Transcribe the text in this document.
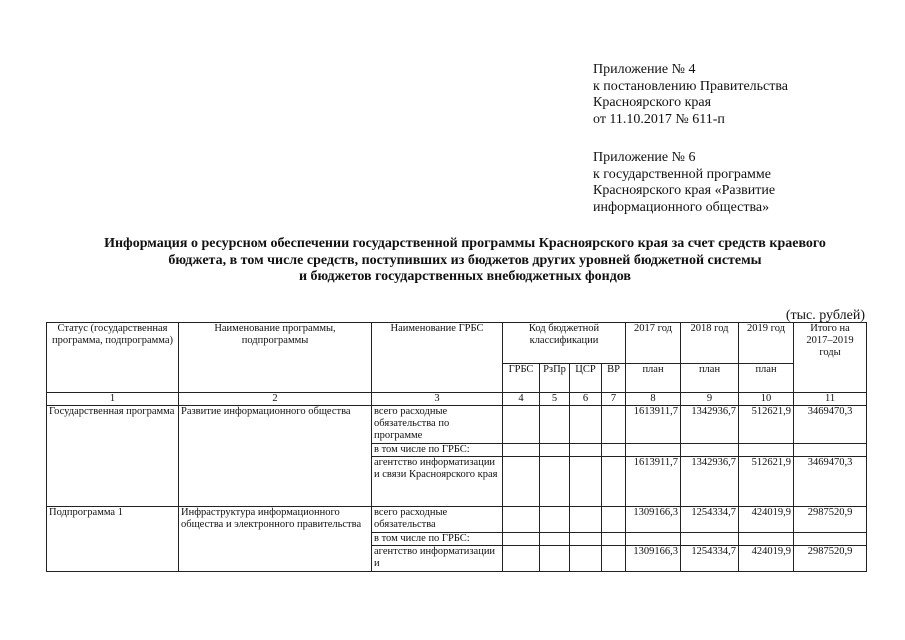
Приложение № 4
к постановлению Правительства
Красноярского края
от 11.10.2017 № 611-п
Приложение № 6
к государственной программе
Красноярского края «Развитие
информационного общества»
Информация о ресурсном обеспечении государственной программы Красноярского края за счет средств краевого
бюджета, в том числе средств, поступивших из бюджетов других уровней бюджетной системы
и бюджетов государственных внебюджетных фондов
(тыс. рублей)
Статус (государственная программа, подпрограмма)	Наименование программы, подпрограммы	Наименование ГРБС	Код бюджетной классификации				2017 год	2018 год	2019 год	Итого на 2017–2019 годы
			ГРБС	РзПр	ЦСР	ВР	план	план	план	
1	2	3	4	5	6	7	8	9	10	11
Государственная программа	Развитие информационного общества	всего расходные обязательства по программе					1613911,7	1342936,7	512621,9	3469470,3
		в том числе по ГРБС:								
		агентство информатизации и связи Красноярского края					1613911,7	1342936,7	512621,9	3469470,3
Подпрограмма 1	Инфраструктура информационного общества и электронного правительства	всего расходные обязательства					1309166,3	1254334,7	424019,9	2987520,9
		в том числе по ГРБС:								
		агентство информатизации и					1309166,3	1254334,7	424019,9	2987520,9
